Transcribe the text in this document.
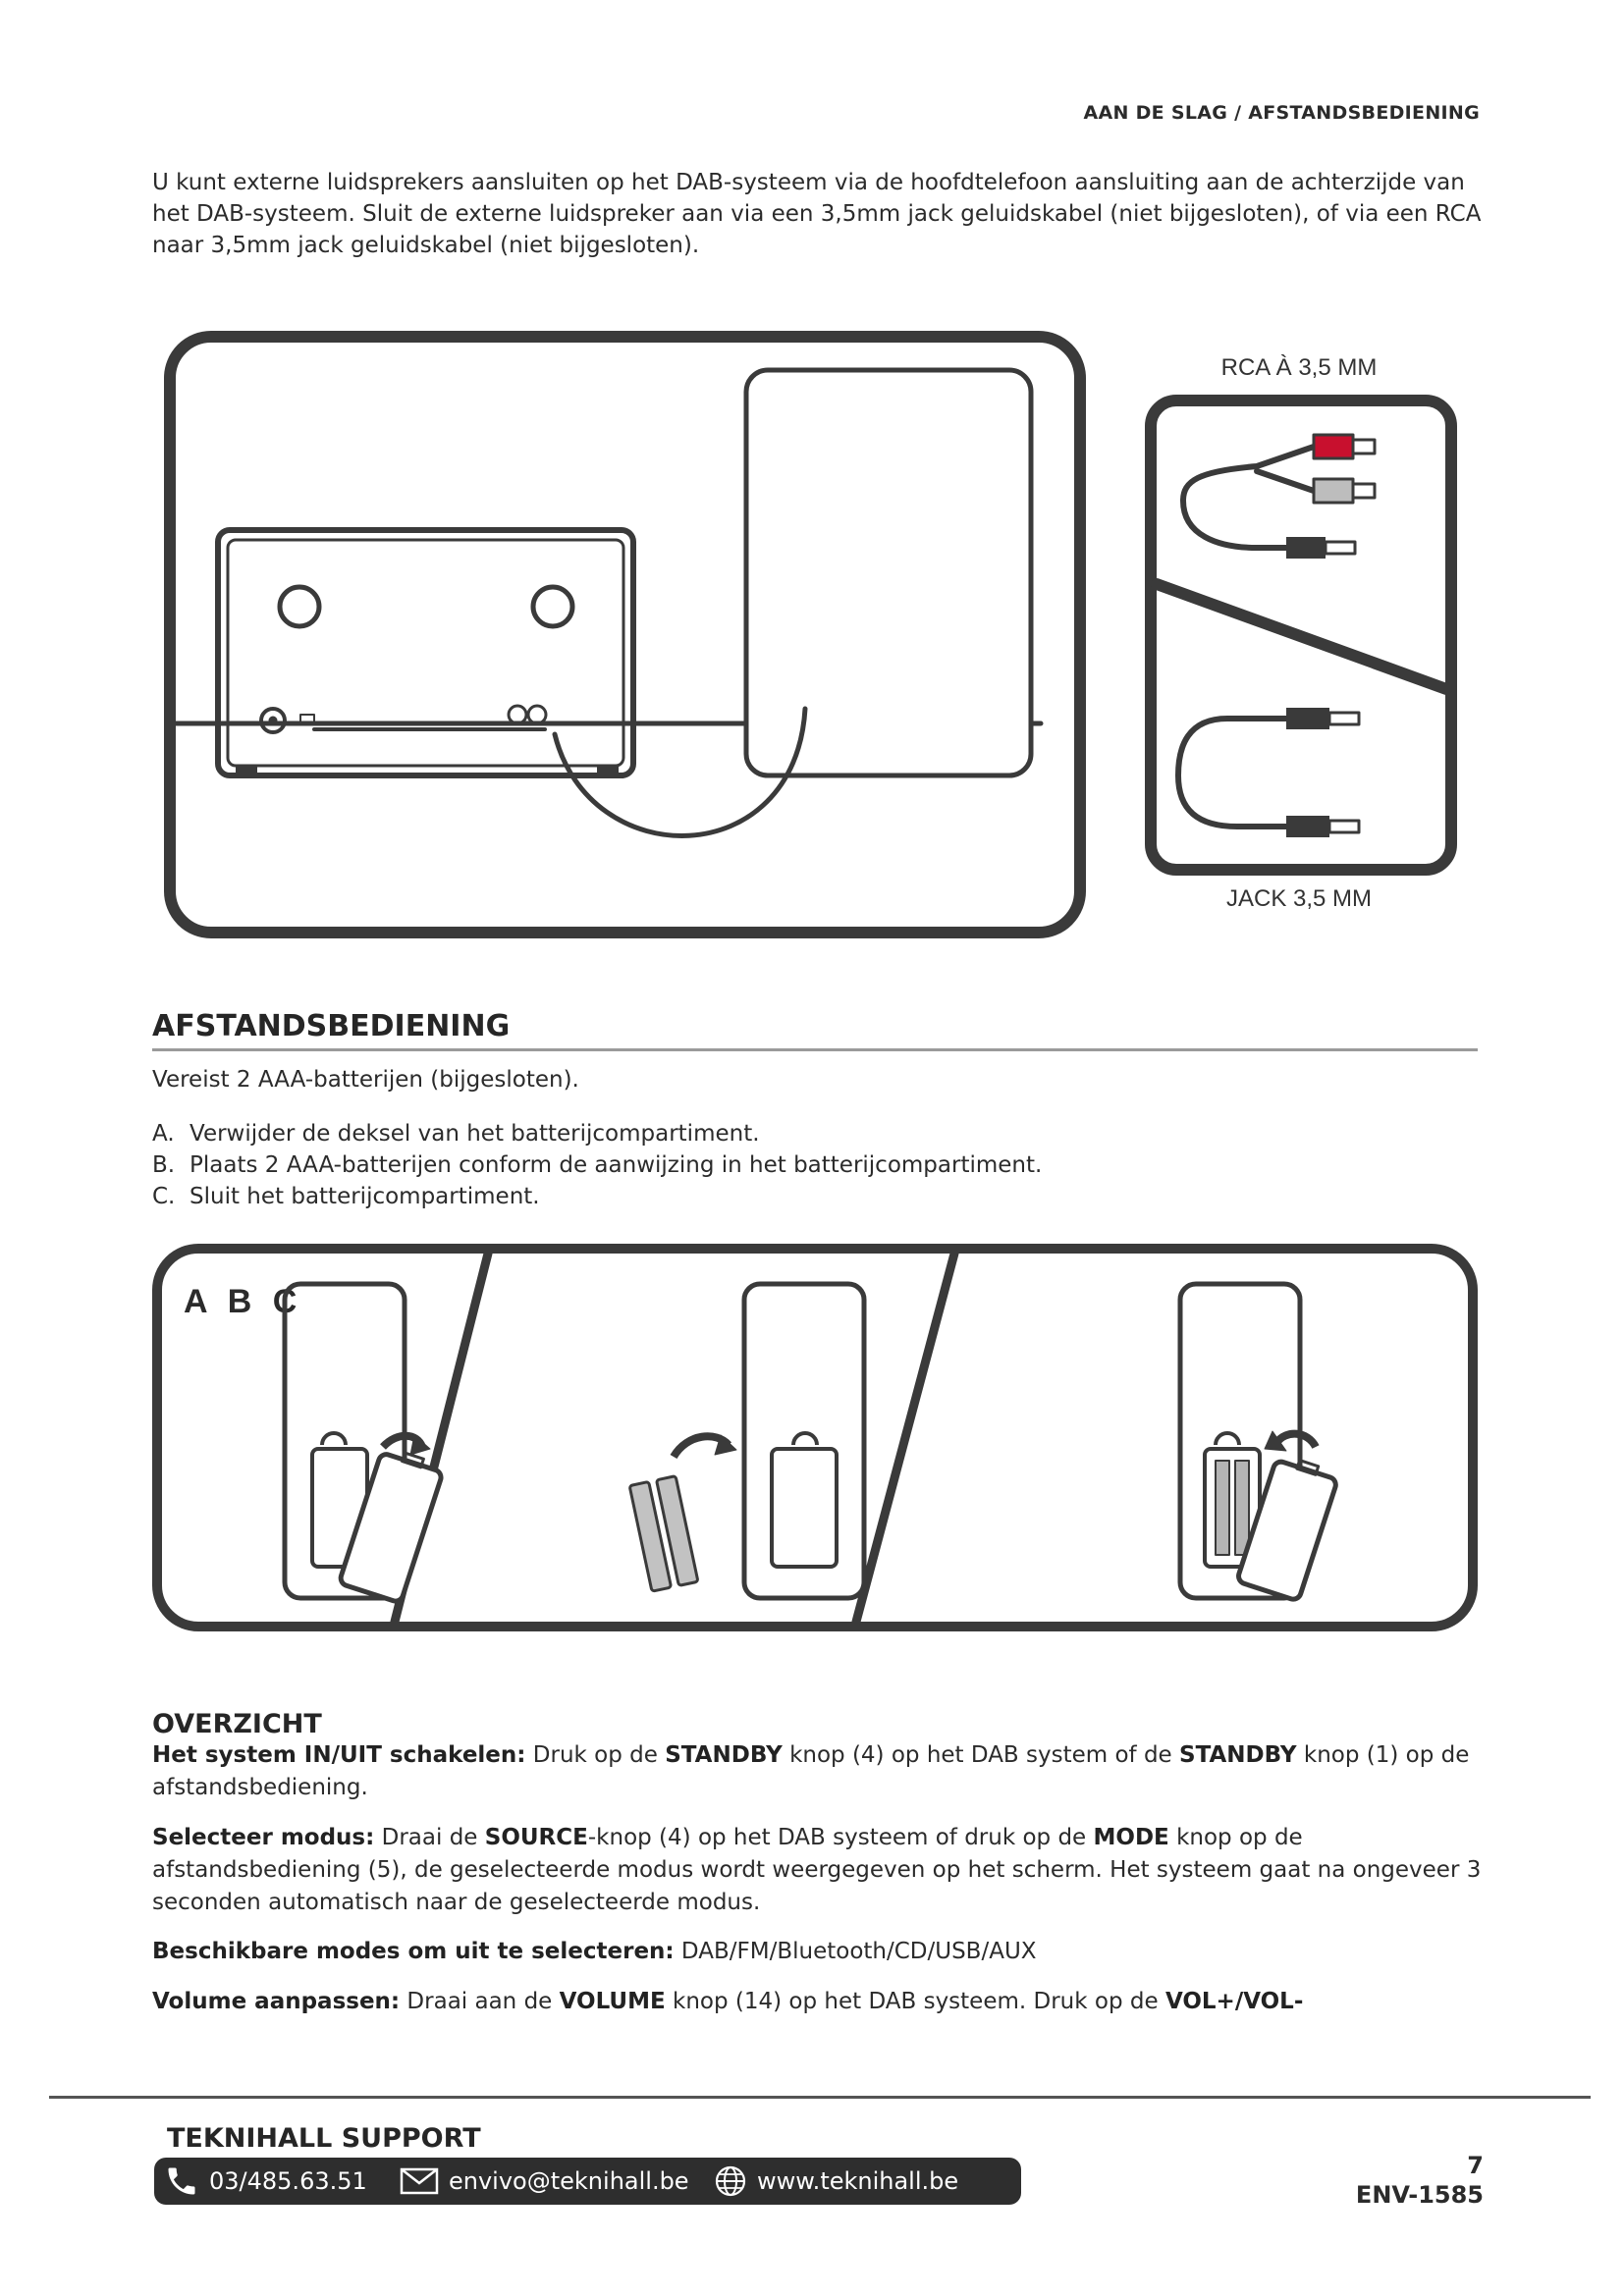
AAN DE SLAG / AFSTANDSBEDIENING
U kunt externe luidsprekers aansluiten op het DAB-systeem via de hoofdtelefoon aansluiting aan de achterzijde van het DAB-systeem. Sluit de externe luidspreker aan via een 3,5mm jack geluidskabel (niet bijgesloten), of via een RCA naar 3,5mm jack geluidskabel (niet bijgesloten).
RCA À 3,5 MM
JACK 3,5 MM
AFSTANDSBEDIENING
Vereist 2 AAA-batterijen (bijgesloten).
A. Verwijder de deksel van het batterijcompartiment.
B. Plaats 2 AAA-batterijen conform de aanwijzing in het batterijcompartiment.
C. Sluit het batterijcompartiment.
A B C
OVERZICHT
Het system IN/UIT schakelen: Druk op de STANDBY knop (4) op het DAB system of de STANDBY knop (1) op de afstandsbediening.
Selecteer modus: Draai de SOURCE-knop (4) op het DAB systeem of druk op de MODE knop op de afstandsbediening (5), de geselecteerde modus wordt weergegeven op het scherm. Het systeem gaat na ongeveer 3 seconden automatisch naar de geselecteerde modus.
Beschikbare modes om uit te selecteren: DAB/FM/Bluetooth/CD/USB/AUX
Volume aanpassen: Draai aan de VOLUME knop (14) op het DAB systeem. Druk op de VOL+/VOL-
TEKNIHALL SUPPORT
03/485.63.51	envivo@teknihall.be	www.teknihall.be
7
ENV-1585
